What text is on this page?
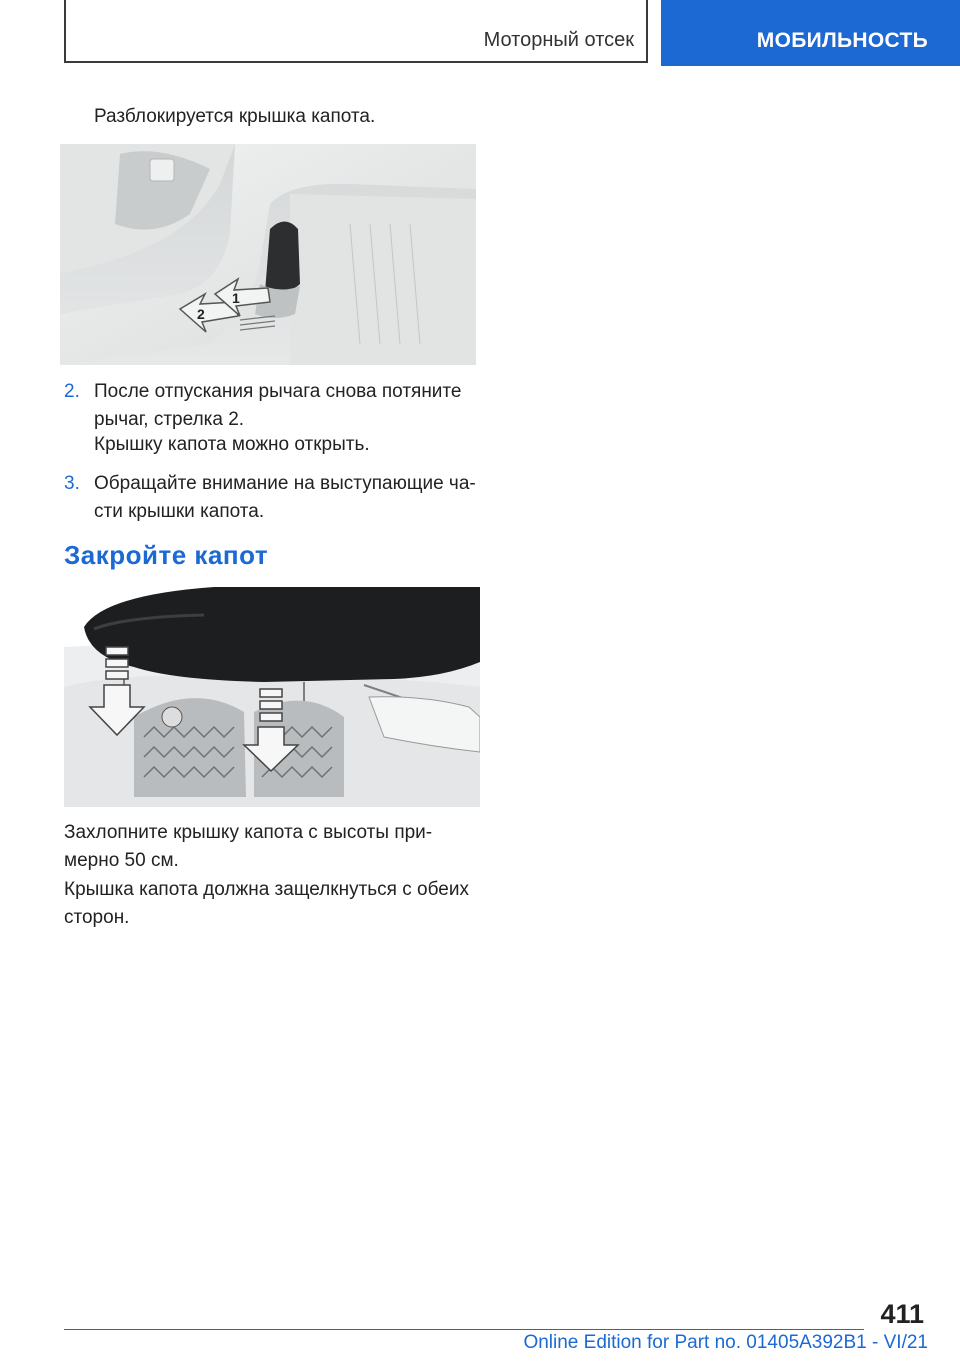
Моторный отсек	МОБИЛЬНОСТЬ
Разблокируется крышка капота.
2
1
2. После отпускания рычага снова потяните
рычаг, стрелка 2.
Крышку капота можно открыть.
3. Обращайте внимание на выступающие ча-
сти крышки капота.
Закройте капот
Захлопните крышку капота с высоты при-
мерно 50 см.
Крышка капота должна защелкнуться с обеих
сторон.
411
Online Edition for Part no. 01405A392B1 - VI/21
